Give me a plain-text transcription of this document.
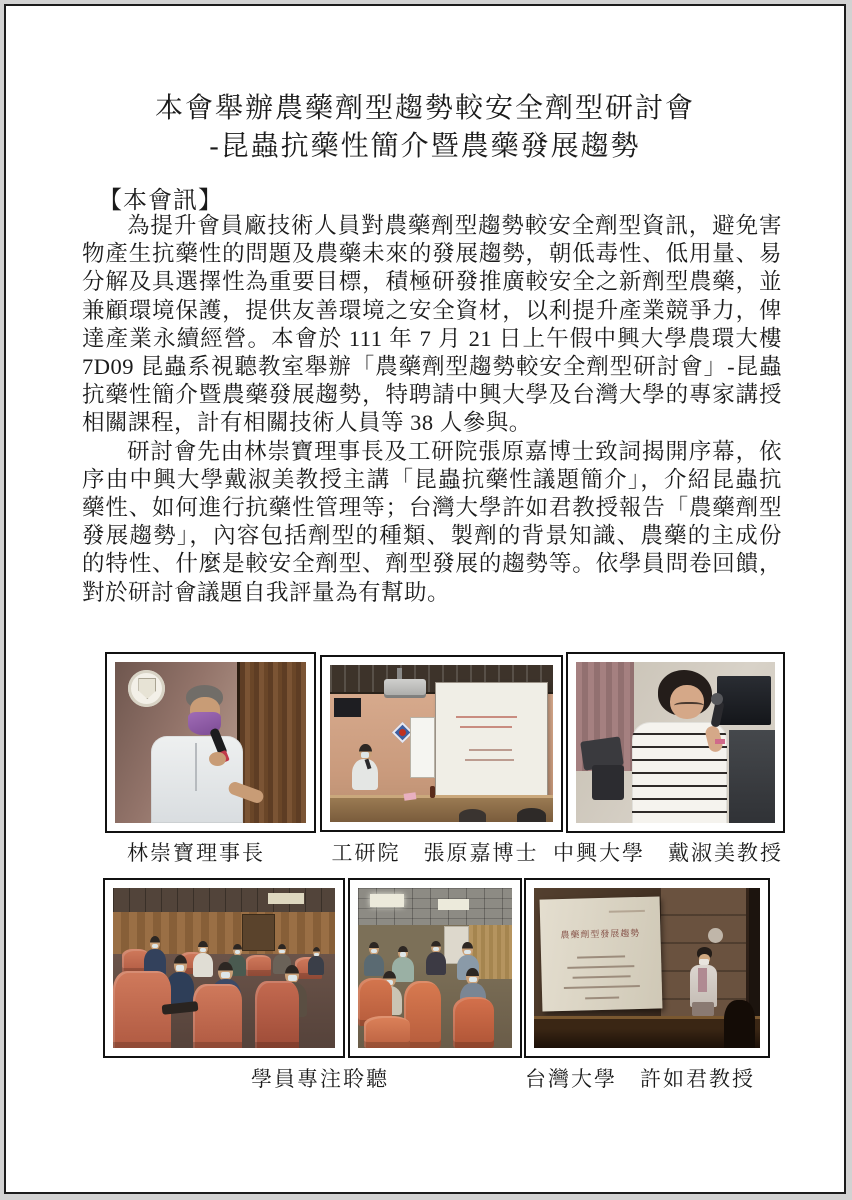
本會舉辦農藥劑型趨勢較安全劑型研討會
-昆蟲抗藥性簡介暨農藥發展趨勢
【本會訊】

為提升會員廠技術人員對農藥劑型趨勢較安全劑型資訊，避免害物產生抗藥性的問題及農藥未來的發展趨勢，朝低毒性、低用量、易分解及具選擇性為重要目標，積極研發推廣較安全之新劑型農藥，並兼顧環境保護，提供友善環境之安全資材，以利提升產業競爭力，俾達產業永續經營。本會於 111 年 7 月 21 日上午假中興大學農環大樓 7D09 昆蟲系視聽教室舉辦「農藥劑型趨勢較安全劑型研討會」-昆蟲抗藥性簡介暨農藥發展趨勢，特聘請中興大學及台灣大學的專家講授相關課程，計有相關技術人員等 38 人參與。

研討會先由林崇寶理事長及工研院張原嘉博士致詞揭開序幕，依序由中興大學戴淑美教授主講「昆蟲抗藥性議題簡介」，介紹昆蟲抗藥性、如何進行抗藥性管理等；台灣大學許如君教授報告「農藥劑型發展趨勢」，內容包括劑型的種類、製劑的背景知識、農藥的主成份的特性、什麼是較安全劑型、劑型發展的趨勢等。依學員問卷回饋，對於研討會議題自我評量為有幫助。

林崇寶理事長	工研院　張原嘉博士 中興大學　戴淑美教授
農藥劑型發展趨勢
學員專注聆聽	台灣大學　許如君教授
